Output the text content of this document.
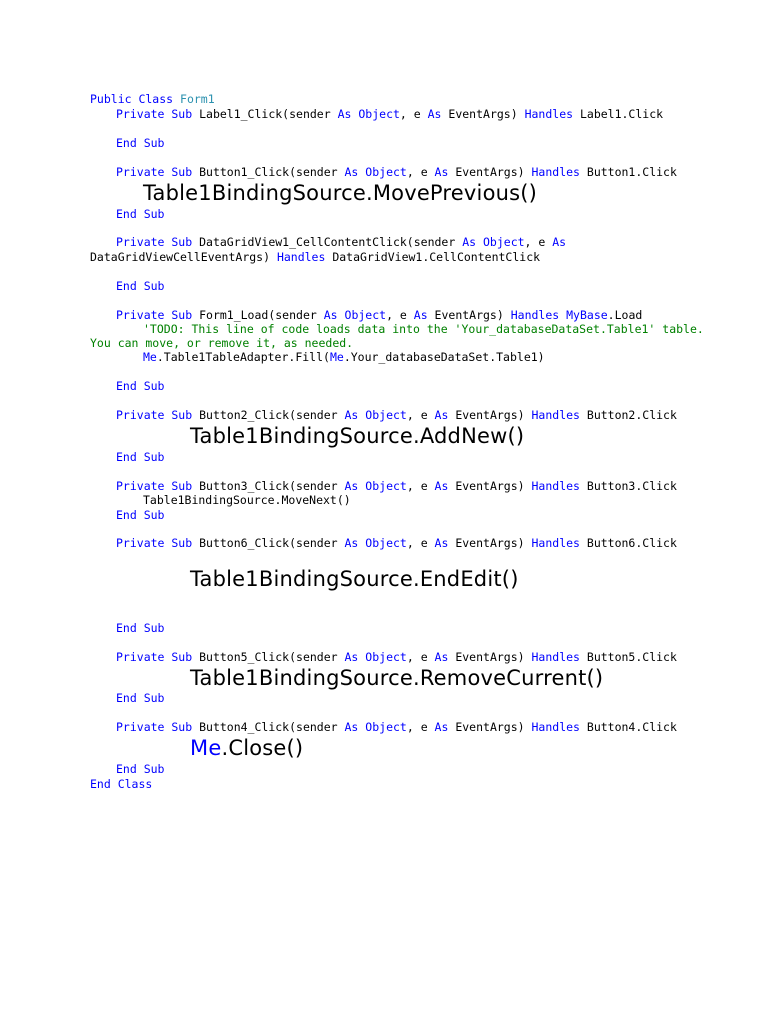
Public Class Form1
Private Sub Label1_Click(sender As Object, e As EventArgs) Handles Label1.Click
End Sub
Private Sub Button1_Click(sender As Object, e As EventArgs) Handles Button1.Click
Table1BindingSource.MovePrevious()
End Sub
Private Sub DataGridView1_CellContentClick(sender As Object, e As
DataGridViewCellEventArgs) Handles DataGridView1.CellContentClick
End Sub
Private Sub Form1_Load(sender As Object, e As EventArgs) Handles MyBase.Load
'TODO: This line of code loads data into the 'Your_databaseDataSet.Table1' table.
You can move, or remove it, as needed.
Me.Table1TableAdapter.Fill(Me.Your_databaseDataSet.Table1)
End Sub
Private Sub Button2_Click(sender As Object, e As EventArgs) Handles Button2.Click
Table1BindingSource.AddNew()
End Sub
Private Sub Button3_Click(sender As Object, e As EventArgs) Handles Button3.Click
Table1BindingSource.MoveNext()
End Sub
Private Sub Button6_Click(sender As Object, e As EventArgs) Handles Button6.Click
Table1BindingSource.EndEdit()
End Sub
Private Sub Button5_Click(sender As Object, e As EventArgs) Handles Button5.Click
Table1BindingSource.RemoveCurrent()
End Sub
Private Sub Button4_Click(sender As Object, e As EventArgs) Handles Button4.Click
Me.Close()
End Sub
End Class
